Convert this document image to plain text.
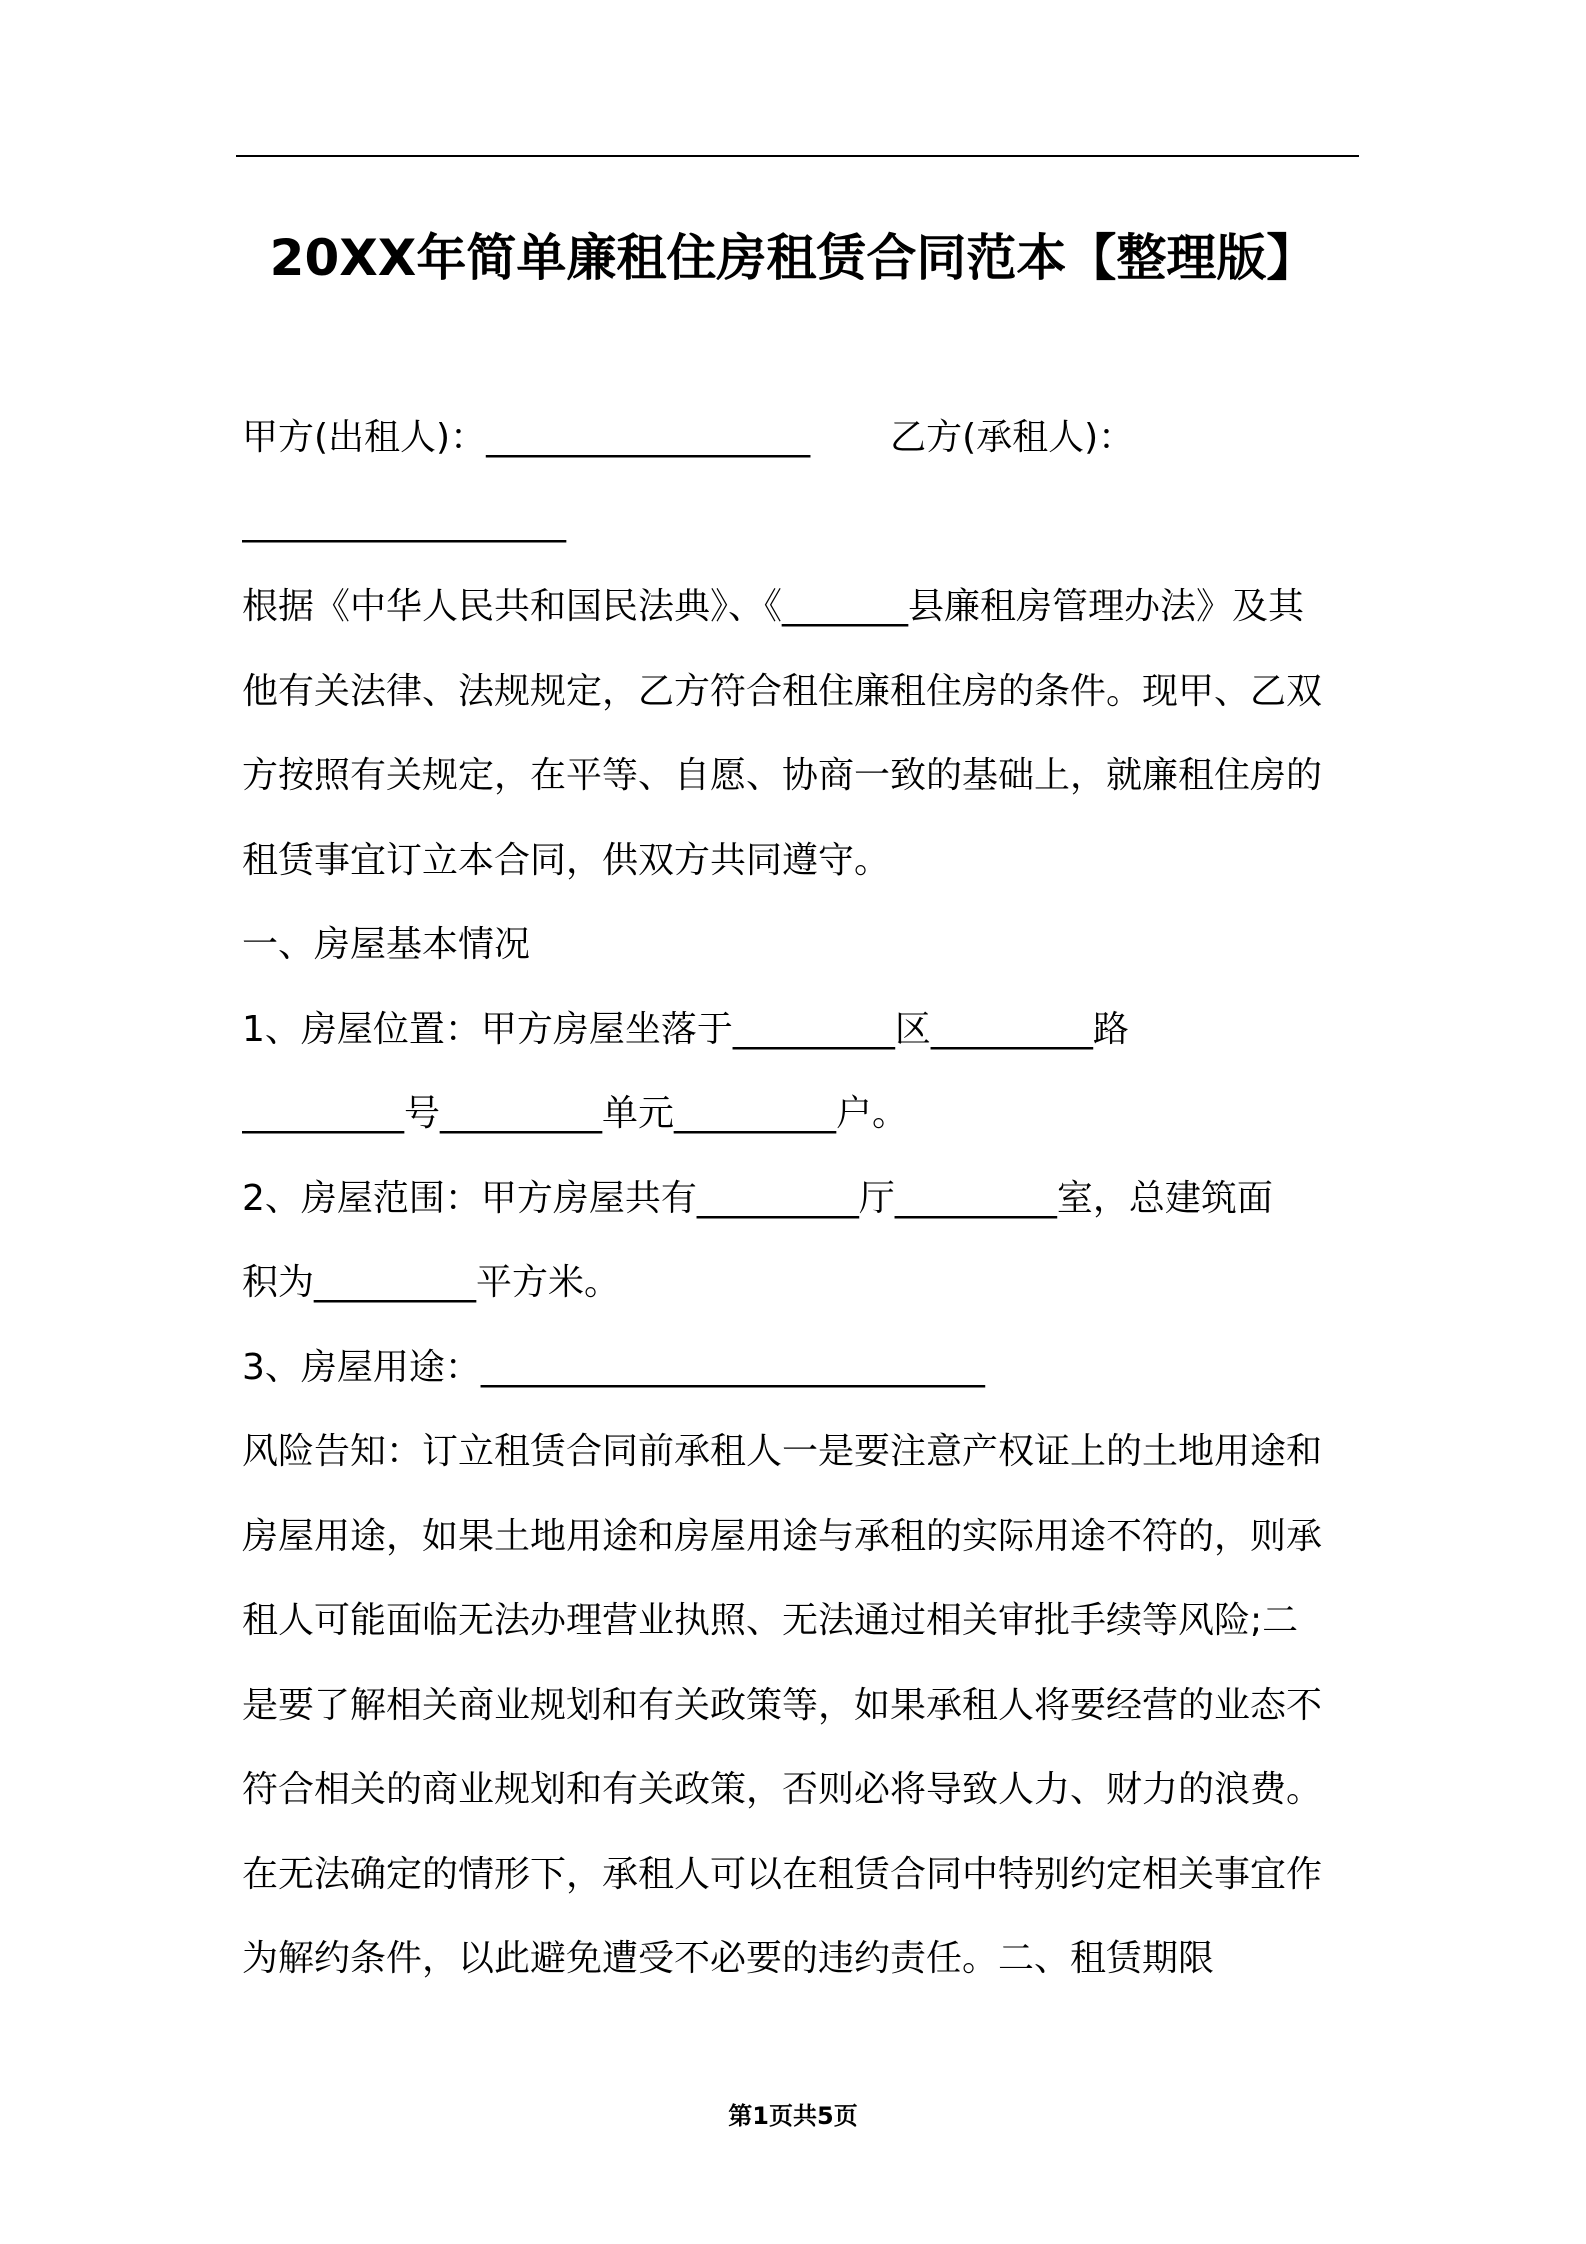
20XX年简单廉租住房租赁合同范本【整理版】
甲方(出租人)：__________________ 乙方(承租人)：
__________________
根据《中华人民共和国民法典》、《_______县廉租房管理办法》及其
他有关法律、法规规定，乙方符合租住廉租住房的条件。现甲、乙双
方按照有关规定，在平等、自愿、协商一致的基础上，就廉租住房的
租赁事宜订立本合同，供双方共同遵守。
一、房屋基本情况
1、房屋位置：甲方房屋坐落于_________区_________路
_________号_________单元_________户。
2、房屋范围：甲方房屋共有_________厅_________室，总建筑面
积为_________平方米。
3、房屋用途：____________________________
风险告知：订立租赁合同前承租人一是要注意产权证上的土地用途和
房屋用途，如果土地用途和房屋用途与承租的实际用途不符的，则承
租人可能面临无法办理营业执照、无法通过相关审批手续等风险;二
是要了解相关商业规划和有关政策等，如果承租人将要经营的业态不
符合相关的商业规划和有关政策，否则必将导致人力、财力的浪费。
在无法确定的情形下，承租人可以在租赁合同中特别约定相关事宜作
为解约条件，以此避免遭受不必要的违约责任。二、租赁期限
第1页共5页
